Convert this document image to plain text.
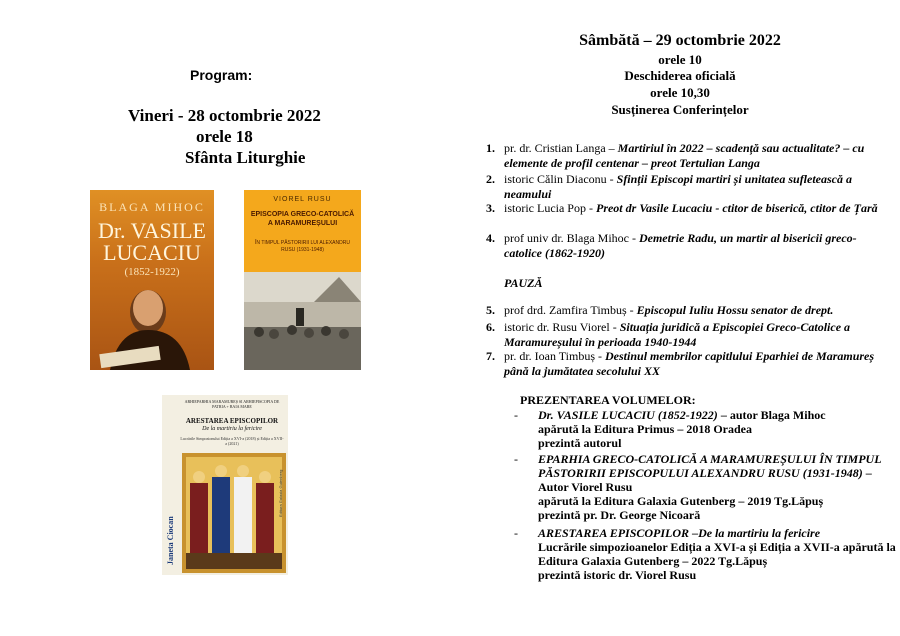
Program:
Vineri - 28 octombrie 2022
orele 18
Sfânta Liturghie
BLAGA MIHOC
Dr. VASILE
LUCACIU
(1852-1922)
VIOREL RUSU
EPISCOPIA GRECO-CATOLICĂ A MARAMUREȘULUI
ÎN TIMPUL PĂSTORIRII LUI ALEXANDRU RUSU (1931-1948)
ARHIEPARHIA MARAMUREȘ SI ARHIEPISCOPIA DE PATRIA + BAIA MARE
ARESTAREA EPISCOPILOR
De la martiriu la fericire
Lucrările Simpozionului Ediția a XVI-a (2018) și Ediția a XVII-a (2021)
Janeta Ciocan
Editura Galaxia Gutenberg
Sâmbătă – 29 octombrie 2022
orele 10
Deschiderea oficială
orele 10,30
Susținerea Conferințelor
1. pr. dr. Cristian Langa – Martiriul în 2022 – scadență sau actualitate? – cu elemente de profil centenar – preot Tertulian Langa
2. istoric Călin Diaconu - Sfinții Episcopi martiri și unitatea sufletească a neamului
3. istoric Lucia Pop - Preot dr Vasile Lucaciu - ctitor de biserică, ctitor de Țară
4. prof univ dr. Blaga Mihoc - Demetrie Radu, un martir al bisericii greco-catolice (1862-1920)
PAUZĂ
5. prof drd. Zamfira Timbuș - Episcopul Iuliu Hossu senator de drept.
6. istoric dr. Rusu Viorel - Situația juridică a Episcopiei Greco-Catolice a Maramureșului în perioada 1940-1944
7. pr. dr. Ioan Timbuș - Destinul membrilor capitlului Eparhiei de Maramureș până la jumătatea secolului XX
PREZENTAREA VOLUMELOR:
- Dr. VASILE LUCACIU (1852-1922) – autor Blaga Mihoc
apărută la Editura Primus – 2018 Oradea
prezintă autorul
- EPARHIA GRECO-CATOLICĂ A MARAMUREȘULUI ÎN TIMPUL PĂSTORIRII EPISCOPULUI ALEXANDRU RUSU (1931-1948) – Autor Viorel Rusu
apărută la Editura Galaxia Gutenberg – 2019 Tg.Lăpuș
prezintă pr. Dr. George Nicoară
- ARESTAREA EPISCOPILOR –De la martiriu la fericire
Lucrările simpozioanelor Ediția a XVI-a și Ediția a XVII-a apărută la Editura Galaxia Gutenberg – 2022 Tg.Lăpuș
prezintă istoric dr. Viorel Rusu
